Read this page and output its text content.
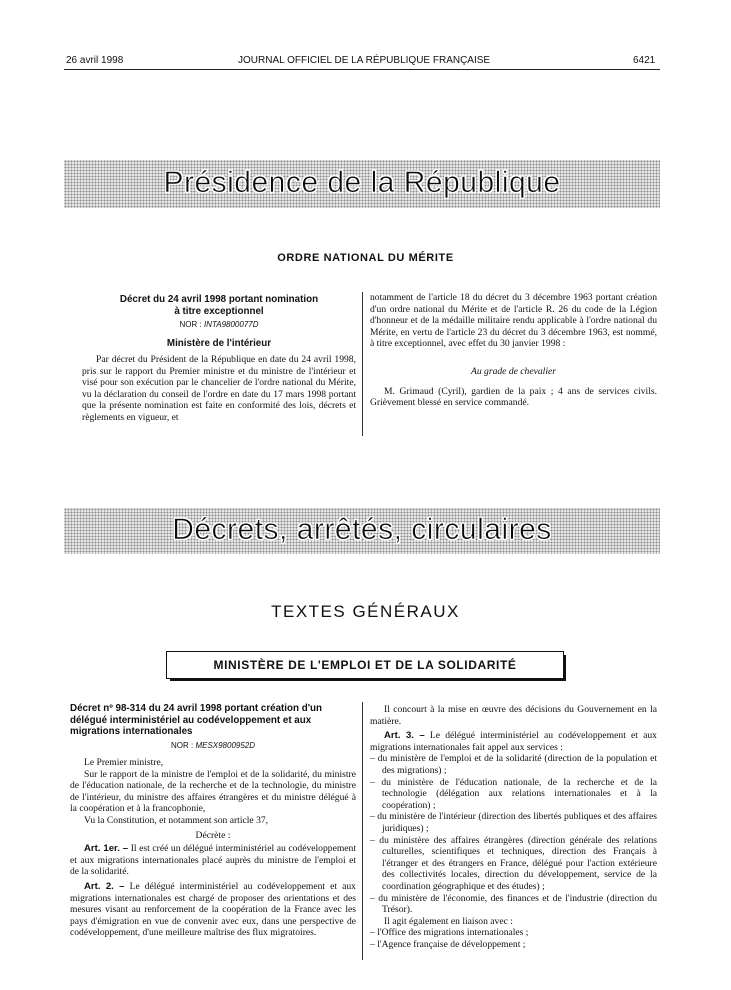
26 avril 1998	JOURNAL OFFICIEL DE LA RÉPUBLIQUE FRANÇAISE	6421
Présidence de la République
ORDRE NATIONAL DU MÉRITE
Décret du 24 avril 1998 portant nomination
à titre exceptionnel
NOR : INTA9800077D
Ministère de l'intérieur

Par décret du Président de la République en date du 24 avril 1998, pris sur le rapport du Premier ministre et du ministre de l'intérieur et visé pour son exécution par le chancelier de l'ordre national du Mérite, vu la déclaration du conseil de l'ordre en date du 17 mars 1998 portant que la présente nomination est faite en conformité des lois, décrets et règlements en vigueur, et

notamment de l'article 18 du décret du 3 décembre 1963 portant création d'un ordre national du Mérite et de l'article R. 26 du code de la Légion d'honneur et de la médaille militaire rendu applicable à l'ordre national du Mérite, en vertu de l'article 23 du décret du 3 décembre 1963, est nommé, à titre exceptionnel, avec effet du 30 janvier 1998 :

Au grade de chevalier

M. Grimaud (Cyril), gardien de la paix ; 4 ans de services civils. Grièvement blessé en service commandé.

Décrets, arrêtés, circulaires
TEXTES GÉNÉRAUX
MINISTÈRE DE L'EMPLOI ET DE LA SOLIDARITÉ
Décret nº 98-314 du 24 avril 1998 portant création d'un délégué interministériel au codéveloppement et aux migrations internationales
NOR : MESX9800952D

Le Premier ministre,

Sur le rapport de la ministre de l'emploi et de la solidarité, du ministre de l'éducation nationale, de la recherche et de la technologie, du ministre de l'intérieur, du ministre des affaires étrangères et du ministre délégué à la coopération et à la francophonie,

Vu la Constitution, et notamment son article 37,

Décrète :

Art. 1er. – Il est créé un délégué interministériel au codéveloppement et aux migrations internationales placé auprès du ministre de l'emploi et de la solidarité.

Art. 2. – Le délégué interministériel au codéveloppement et aux migrations internationales est chargé de proposer des orientations et des mesures visant au renforcement de la coopération de la France avec les pays d'émigration en vue de convenir avec eux, dans une perspective de codéveloppement, d'une meilleure maîtrise des flux migratoires.

Il concourt à la mise en œuvre des décisions du Gouvernement en la matière.

Art. 3. – Le délégué interministériel au codéveloppement et aux migrations internationales fait appel aux services :

– du ministère de l'emploi et de la solidarité (direction de la population et des migrations) ;

– du ministère de l'éducation nationale, de la recherche et de la technologie (délégation aux relations internationales et à la coopération) ;

– du ministère de l'intérieur (direction des libertés publiques et des affaires juridiques) ;

– du ministère des affaires étrangères (direction générale des relations culturelles, scientifiques et techniques, direction des Français à l'étranger et des étrangers en France, délégué pour l'action extérieure des collectivités locales, direction du développement, service de la coordination géographique et des études) ;

– du ministère de l'économie, des finances et de l'industrie (direction du Trésor).

Il agit également en liaison avec :

– l'Office des migrations internationales ;

– l'Agence française de développement ;
